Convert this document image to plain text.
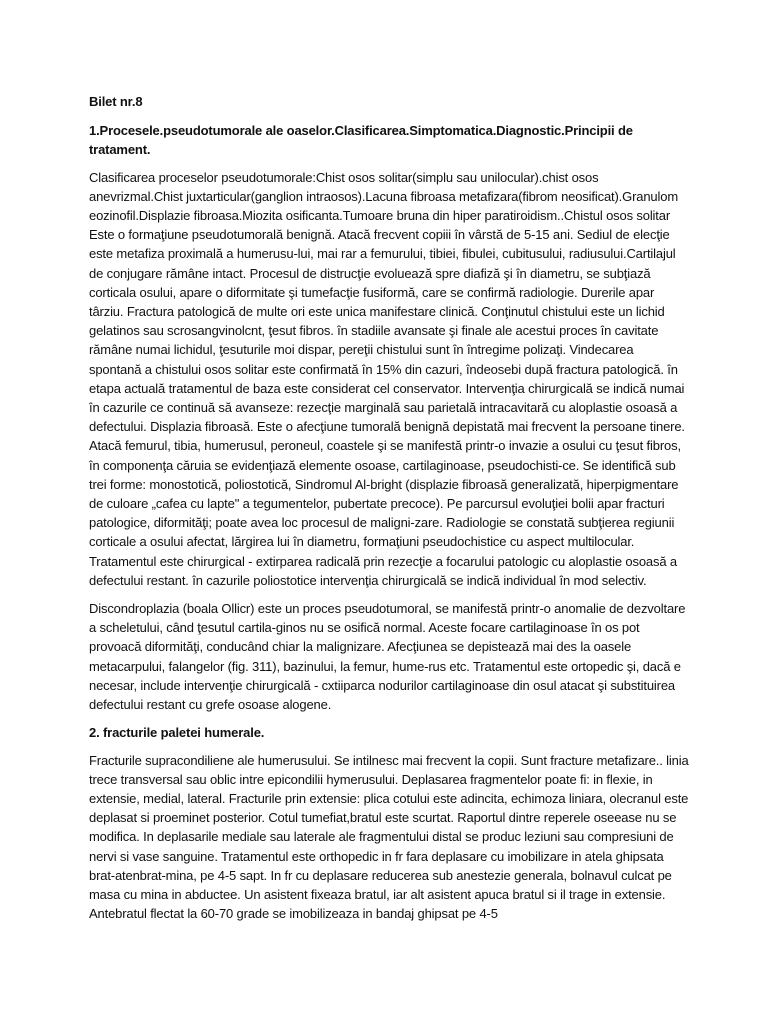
Bilet nr.8

1.Procesele.pseudotumorale ale oaselor.Clasificarea.Simptomatica.Diagnostic.Principii de tratament.

Clasificarea proceselor pseudotumorale:Chist osos solitar(simplu sau unilocular).chist osos anevrizmal.Chist juxtarticular(ganglion intraosos).Lacuna fibroasa metafizara(fibrom neosificat).Granulom eozinofil.Displazie fibroasa.Miozita osificanta.Tumoare bruna din hiper paratiroidism..Chistul osos solitar Este o formaţiune pseudotumorală benignă. Atacă frecvent copiii în vârstă de 5-15 ani. Sediul de elecţie este metafiza proximală a humerusu-lui, mai rar a femurului, tibiei, fibulei, cubitusului, radiusului.Cartilajul de conjugare rămâne intact. Procesul de distrucţie evoluează spre diafiză şi în diametru, se subţiază corticala osului, apare o diformitate şi tumefacţie fusiformă, care se confirmă radiologie. Durerile apar târziu. Fractura patologică de multe ori este unica manifestare clinică. Conţinutul chistului este un lichid gelatinos sau scrosangvinolcnt, ţesut fibros. în stadiile avansate şi finale ale acestui proces în cavitate rămâne numai lichidul, ţesuturile moi dispar, pereţii chistului sunt în întregime polizaţi. Vindecarea spontană a chistului osos solitar este confirmată în 15% din cazuri, îndeosebi după fractura patologică. în etapa actuală tratamentul de baza este considerat cel conservator. Intervenţia chirurgicală se indică numai în cazurile ce continuă să avanseze: rezecţie marginală sau parietală intracavitară cu aloplastie osoasă a defectului. Displazia fibroasă. Este o afecţiune tumorală benignă depistată mai frecvent la persoane tinere. Atacă femurul, tibia, humerusul, peroneul, coastele şi se manifestă printr-o invazie a osului cu ţesut fibros, în componenţa căruia se evidenţiază elemente osoase, cartilaginoase, pseudochisti-ce. Se identifică sub trei forme: monostotică, poliostotică, Sindromul Al-bright (displazie fibroasă generalizată, hiperpigmentare de culoare „cafea cu lapte" a tegumentelor, pubertate precoce). Pe parcursul evoluţiei bolii apar fracturi patologice, diformităţi; poate avea loc procesul de maligni-zare. Radiologie se constată subţierea regiunii corticale a osului afectat, lărgirea lui în diametru, formaţiuni pseudochistice cu aspect multilocular. Tratamentul este chirurgical - extirparea radicală prin rezecţie a focarului patologic cu aloplastie osoasă a defectului restant. în cazurile poliostotice intervenţia chirurgicală se indică individual în mod selectiv.

Discondroplazia (boala Ollicr) este un proces pseudotumoral, se manifestă printr-o anomalie de dezvoltare a scheletului, când ţesutul cartila-ginos nu se osifică normal. Aceste focare cartilaginoase în os pot provoacă diformităţi, conducând chiar la malignizare. Afecţiunea se depistează mai des la oasele metacarpului, falangelor (fig. 311), bazinului, la femur, hume-rus etc. Tratamentul este ortopedic şi, dacă e necesar, include intervenţie chirurgicală - cxtiiparca nodurilor cartilaginoase din osul atacat şi substituirea defectului restant cu grefe osoase alogene.

2. fracturile paletei humerale.

Fracturile supracondiliene ale humerusului. Se intilnesc mai frecvent la copii. Sunt fracture metafizare.. linia trece transversal sau oblic intre epicondilii hymerusului. Deplasarea fragmentelor poate fi: in flexie, in extensie, medial, lateral. Fracturile prin extensie: plica cotului este adincita, echimoza liniara, olecranul este deplasat si proeminet posterior. Cotul tumefiat,bratul este scurtat. Raportul dintre reperele oseease nu se modifica. In deplasarile mediale sau laterale ale fragmentului distal se produc leziuni sau compresiuni de nervi si vase sanguine. Tratamentul este orthopedic in fr fara deplasare cu imobilizare in atela ghipsata brat-atenbrat-mina, pe 4-5 sapt. In fr cu deplasare reducerea sub anestezie generala, bolnavul culcat pe masa cu mina in abductee. Un asistent fixeaza bratul, iar alt asistent apuca bratul si il trage in extensie. Antebratul flectat la 60-70 grade se imobilizeaza in bandaj ghipsat pe 4-5
